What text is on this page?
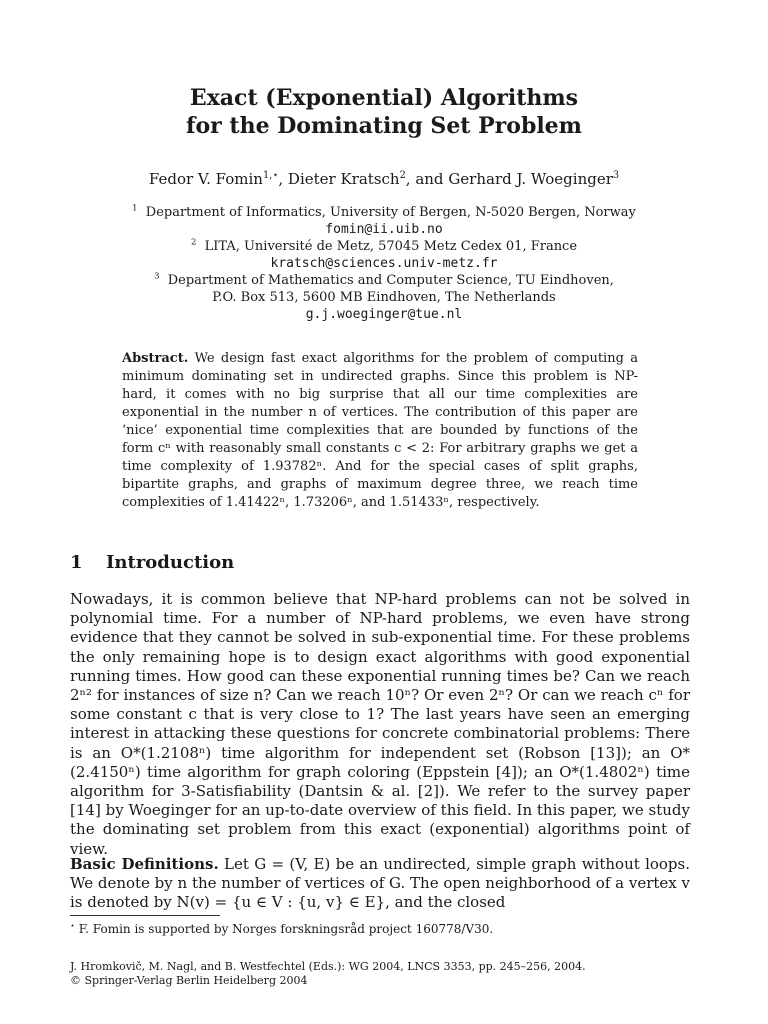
Exact (Exponential) Algorithms
for the Dominating Set Problem
Fedor V. Fomin$^{1,⋆}$, Dieter Kratsch$^2$, and Gerhard J. Woeginger$^3$
$^1$ Department of Informatics, University of Bergen, N-5020 Bergen, Norway
fomin@ii.uib.no
$^2$ LITA, Université de Metz, 57045 Metz Cedex 01, France
kratsch@sciences.univ-metz.fr
$^3$ Department of Mathematics and Computer Science, TU Eindhoven,
P.O. Box 513, 5600 MB Eindhoven, The Netherlands
g.j.woeginger@tue.nl
Abstract. We design fast exact algorithms for the problem of computing a minimum dominating set in undirected graphs. Since this problem is NP-hard, it comes with no big surprise that all our time complexities are exponential in the number n of vertices. The contribution of this paper are ‘nice’ exponential time complexities that are bounded by functions of the form cⁿ with reasonably small constants c < 2: For arbitrary graphs we get a time complexity of 1.93782ⁿ. And for the special cases of split graphs, bipartite graphs, and graphs of maximum degree three, we reach time complexities of 1.41422ⁿ, 1.73206ⁿ, and 1.51433ⁿ, respectively.
1 Introduction
Nowadays, it is common believe that NP-hard problems can not be solved in polynomial time. For a number of NP-hard problems, we even have strong evidence that they cannot be solved in sub-exponential time. For these problems the only remaining hope is to design exact algorithms with good exponential running times. How good can these exponential running times be? Can we reach 2ⁿ² for instances of size n? Can we reach 10ⁿ? Or even 2ⁿ? Or can we reach cⁿ for some constant c that is very close to 1? The last years have seen an emerging interest in attacking these questions for concrete combinatorial problems: There is an O*(1.2108ⁿ) time algorithm for independent set (Robson [13]); an O*(2.4150ⁿ) time algorithm for graph coloring (Eppstein [4]); an O*(1.4802ⁿ) time algorithm for 3-Satisfiability (Dantsin & al. [2]). We refer to the survey paper [14] by Woeginger for an up-to-date overview of this field. In this paper, we study the dominating set problem from this exact (exponential) algorithms point of view.
Basic Definitions. Let G = (V, E) be an undirected, simple graph without loops. We denote by n the number of vertices of G. The open neighborhood of a vertex v is denoted by N(v) = {u ∈ V : {u, v} ∈ E}, and the closed
⋆ F. Fomin is supported by Norges forskningsråd project 160778/V30.
J. Hromkovič, M. Nagl, and B. Westfechtel (Eds.): WG 2004, LNCS 3353, pp. 245–256, 2004.
© Springer-Verlag Berlin Heidelberg 2004
